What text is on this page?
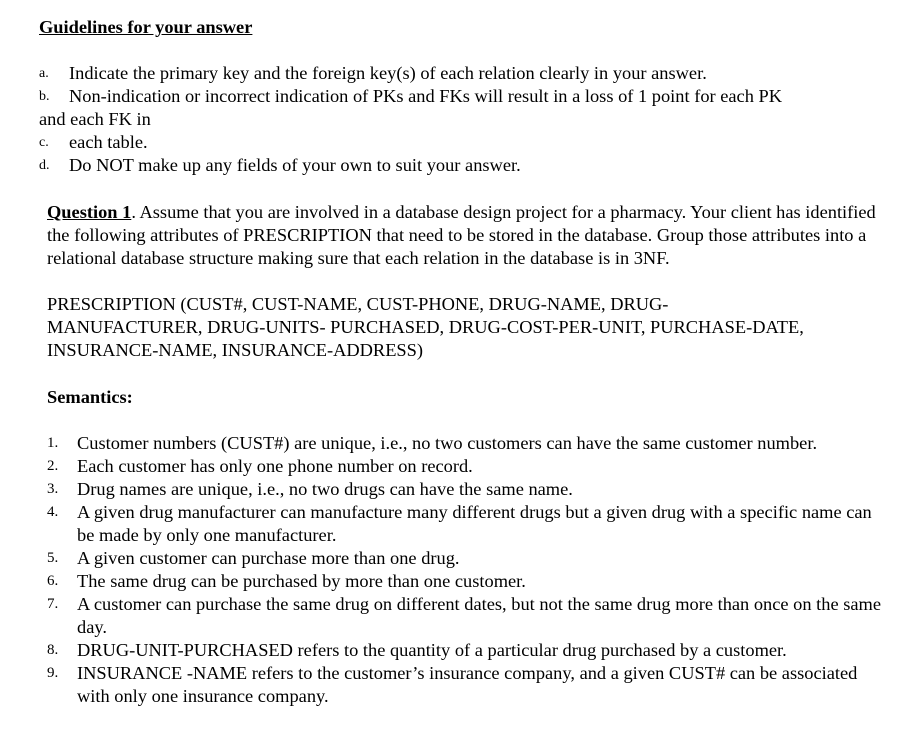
Guidelines for your answer
a. Indicate the primary key and the foreign key(s) of each relation clearly in your answer.
b. Non-indication or incorrect indication of PKs and FKs will result in a loss of 1 point for each PK
and each FK in
c. each table.
d. Do NOT make up any fields of your own to suit your answer.
Question 1. Assume that you are involved in a database design project for a pharmacy. Your client has identified the following attributes of PRESCRIPTION that need to be stored in the database. Group those attributes into a relational database structure making sure that each relation in the database is in 3NF.
PRESCRIPTION (CUST#, CUST-NAME, CUST-PHONE, DRUG-NAME, DRUG-MANUFACTURER, DRUG-UNITS- PURCHASED, DRUG-COST-PER-UNIT, PURCHASE-DATE, INSURANCE-NAME, INSURANCE-ADDRESS)
Semantics:
1. Customer numbers (CUST#) are unique, i.e., no two customers can have the same customer number.
2. Each customer has only one phone number on record.
3. Drug names are unique, i.e., no two drugs can have the same name.
4. A given drug manufacturer can manufacture many different drugs but a given drug with a specific name can be made by only one manufacturer.
5. A given customer can purchase more than one drug.
6. The same drug can be purchased by more than one customer.
7. A customer can purchase the same drug on different dates, but not the same drug more than once on the same day.
8. DRUG-UNIT-PURCHASED refers to the quantity of a particular drug purchased by a customer.
9. INSURANCE -NAME refers to the customer’s insurance company, and a given CUST# can be associated with only one insurance company.
